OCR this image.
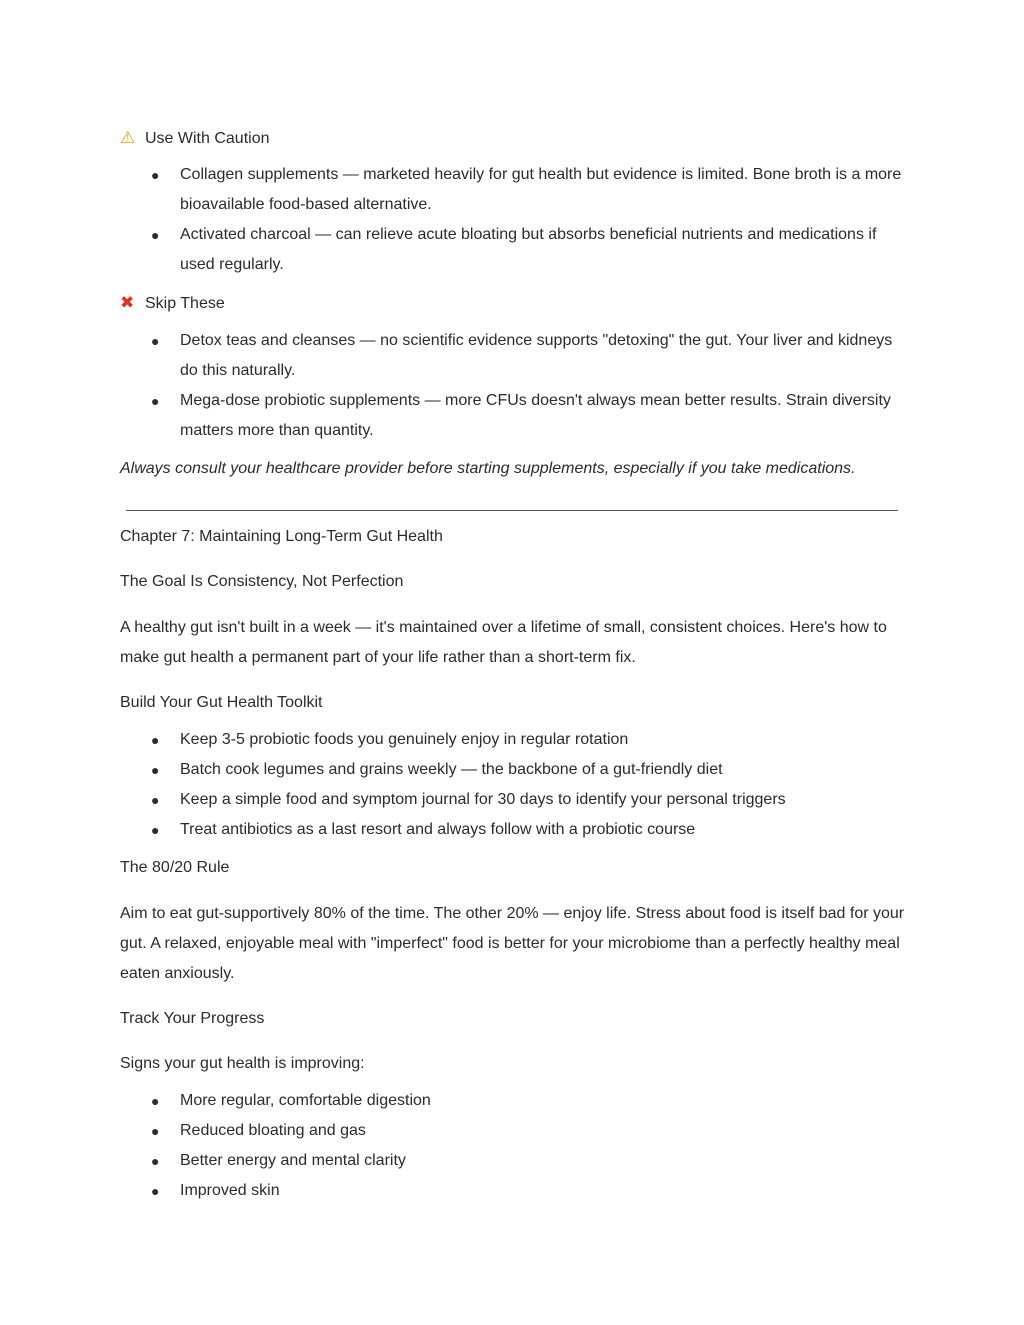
⚠ Use With Caution
● Collagen supplements — marketed heavily for gut health but evidence is limited. Bone broth is a more bioavailable food-based alternative.
● Activated charcoal — can relieve acute bloating but absorbs beneficial nutrients and medications if used regularly.
✖ Skip These
● Detox teas and cleanses — no scientific evidence supports "detoxing" the gut. Your liver and kidneys do this naturally.
● Mega-dose probiotic supplements — more CFUs doesn't always mean better results. Strain diversity matters more than quantity.
Always consult your healthcare provider before starting supplements, especially if you take medications.
Chapter 7: Maintaining Long-Term Gut Health
The Goal Is Consistency, Not Perfection
A healthy gut isn't built in a week — it's maintained over a lifetime of small, consistent choices. Here's how to make gut health a permanent part of your life rather than a short-term fix.
Build Your Gut Health Toolkit
● Keep 3-5 probiotic foods you genuinely enjoy in regular rotation
● Batch cook legumes and grains weekly — the backbone of a gut-friendly diet
● Keep a simple food and symptom journal for 30 days to identify your personal triggers
● Treat antibiotics as a last resort and always follow with a probiotic course
The 80/20 Rule
Aim to eat gut-supportively 80% of the time. The other 20% — enjoy life. Stress about food is itself bad for your gut. A relaxed, enjoyable meal with "imperfect" food is better for your microbiome than a perfectly healthy meal eaten anxiously.
Track Your Progress
Signs your gut health is improving:
● More regular, comfortable digestion
● Reduced bloating and gas
● Better energy and mental clarity
● Improved skin
